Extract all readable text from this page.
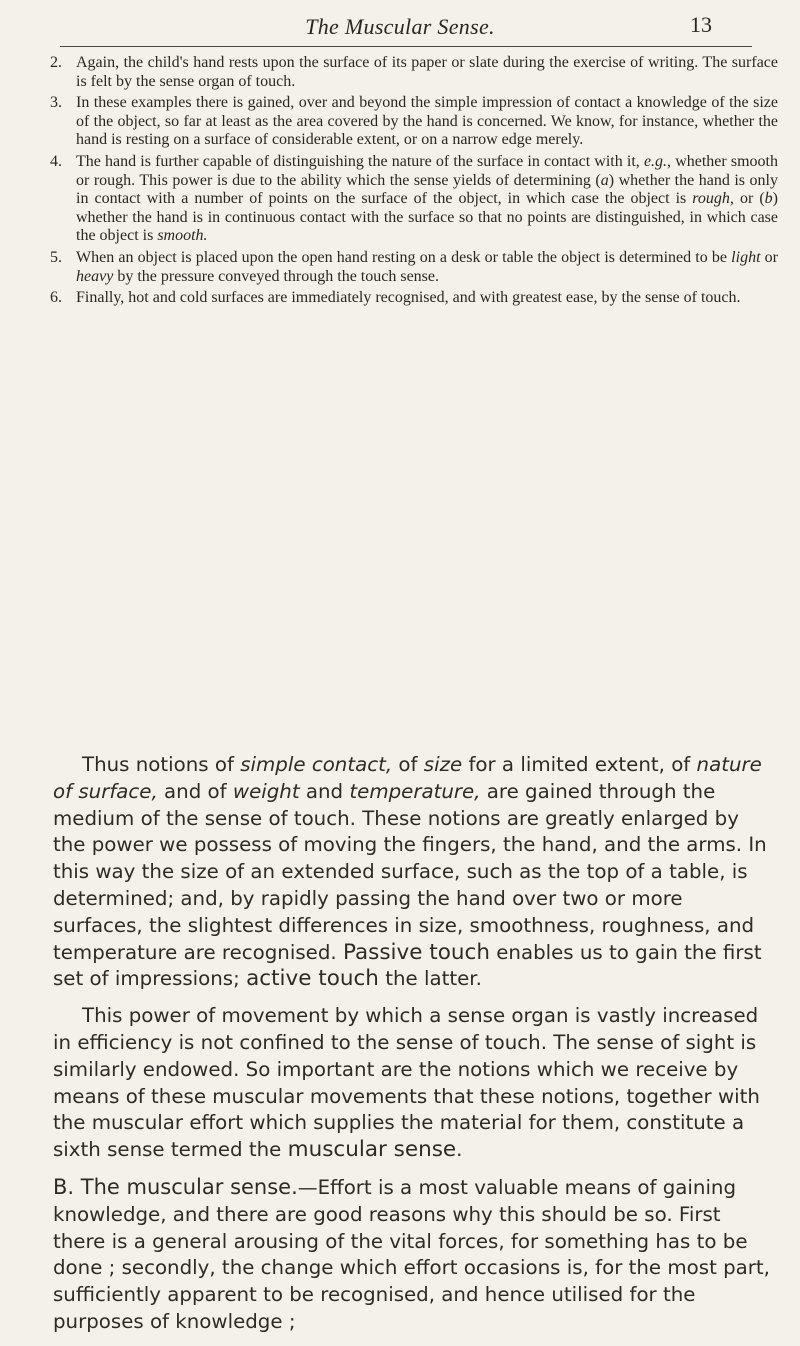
The Muscular Sense.	13
2. Again, the child's hand rests upon the surface of its paper or slate during the exercise of writing. The surface is felt by the sense organ of touch.
3. In these examples there is gained, over and beyond the simple impression of contact a knowledge of the size of the object, so far at least as the area covered by the hand is concerned. We know, for instance, whether the hand is resting on a surface of considerable extent, or on a narrow edge merely.
4. The hand is further capable of distinguishing the nature of the surface in contact with it, e.g., whether smooth or rough. This power is due to the ability which the sense yields of determining (a) whether the hand is only in contact with a number of points on the surface of the object, in which case the object is rough, or (b) whether the hand is in continuous contact with the surface so that no points are distinguished, in which case the object is smooth.
5. When an object is placed upon the open hand resting on a desk or table the object is determined to be light or heavy by the pressure conveyed through the touch sense.
6. Finally, hot and cold surfaces are immediately recognised, and with greatest ease, by the sense of touch.

Thus notions of simple contact, of size for a limited extent, of nature of surface, and of weight and temperature, are gained through the medium of the sense of touch. These notions are greatly enlarged by the power we possess of moving the fingers, the hand, and the arms. In this way the size of an extended surface, such as the top of a table, is determined; and, by rapidly passing the hand over two or more surfaces, the slightest differences in size, smoothness, roughness, and temperature are recognised. Passive touch enables us to gain the first set of impressions; active touch the latter.

This power of movement by which a sense organ is vastly increased in efficiency is not confined to the sense of touch. The sense of sight is similarly endowed. So important are the notions which we receive by means of these muscular movements that these notions, together with the muscular effort which supplies the material for them, constitute a sixth sense termed the muscular sense.

B. The muscular sense.—Effort is a most valuable means of gaining knowledge, and there are good reasons why this should be so. First there is a general arousing of the vital forces, for something has to be done ; secondly, the change which effort occasions is, for the most part, sufficiently apparent to be recognised, and hence utilised for the purposes of knowledge ;
